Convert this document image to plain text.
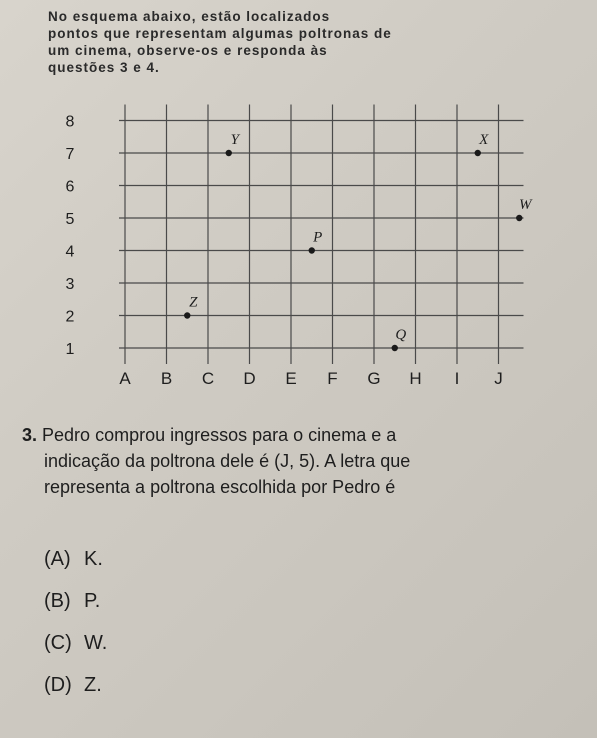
No esquema abaixo, estão localizados
pontos que representam algumas poltronas de
um cinema, observe-os e responda às
questões 3 e 4.
A B C D E F G H I J
1
2
3
4
5
6
7
8
Y	X
W
P
Z
Q
3. Pedro comprou ingressos para o cinema e a
indicação da poltrona dele é (J, 5). A letra que
representa a poltrona escolhida por Pedro é
(A) K.
(B) P.
(C) W.
(D) Z.
